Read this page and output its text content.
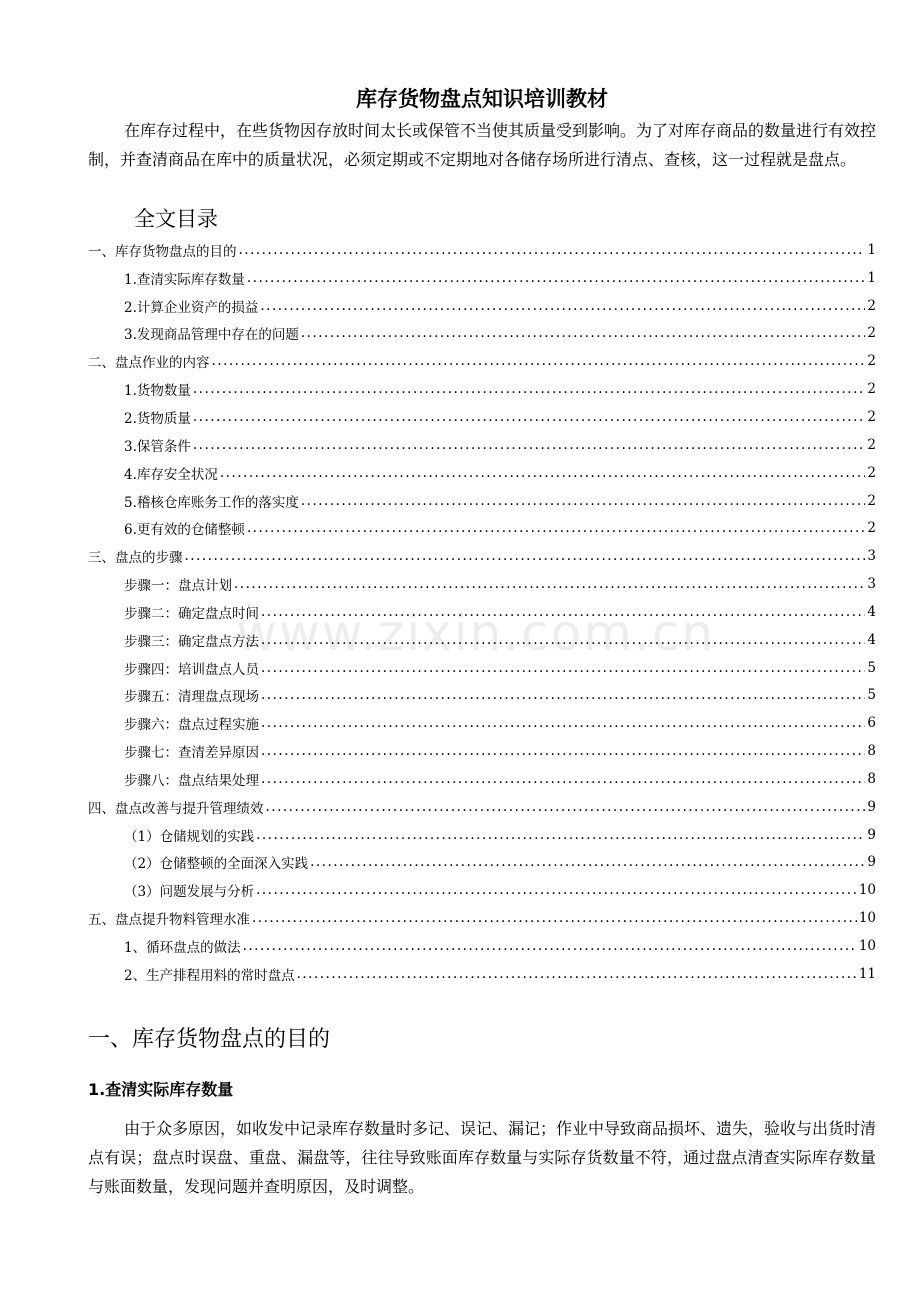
www.zixin.com.cn
库存货物盘点知识培训教材

在库存过程中，在些货物因存放时间太长或保管不当使其质量受到影响。为了对库存商品的数量进行有效控制，并查清商品在库中的质量状况，必须定期或不定期地对各储存场所进行清点、查核，这一过程就是盘点。

全文目录
一、库存货物盘点的目的 .....	1
1.查清实际库存数量 .....	1
2.计算企业资产的损益 .....	2
3.发现商品管理中存在的问题 .....	2
二、盘点作业的内容 .....	2
1.货物数量 .....	2
2.货物质量 .....	2
3.保管条件 .....	2
4.库存安全状况 .....	2
5.稽核仓库账务工作的落实度 .....	2
6.更有效的仓储整顿 .....	2
三、盘点的步骤 .....	3
步骤一：盘点计划 .....	3
步骤二：确定盘点时间 .....	4
步骤三：确定盘点方法 .....	4
步骤四：培训盘点人员 .....	5
步骤五：清理盘点现场 .....	5
步骤六：盘点过程实施 .....	6
步骤七：查清差异原因 .....	8
步骤八：盘点结果处理 .....	8
四、盘点改善与提升管理绩效 .....	9
（1）仓储规划的实践 .....	9
（2）仓储整顿的全面深入实践 .....	9
（3）问题发展与分析 .....	10
五、盘点提升物料管理水准 .....	10
1、循环盘点的做法 .....	10
2、生产排程用料的常时盘点 .....	11
一、库存货物盘点的目的
1.查清实际库存数量

由于众多原因，如收发中记录库存数量时多记、误记、漏记；作业中导致商品损坏、遗失，验收与出货时清点有误；盘点时误盘、重盘、漏盘等，往往导致账面库存数量与实际存货数量不符，通过盘点清查实际库存数量与账面数量，发现问题并查明原因，及时调整。
